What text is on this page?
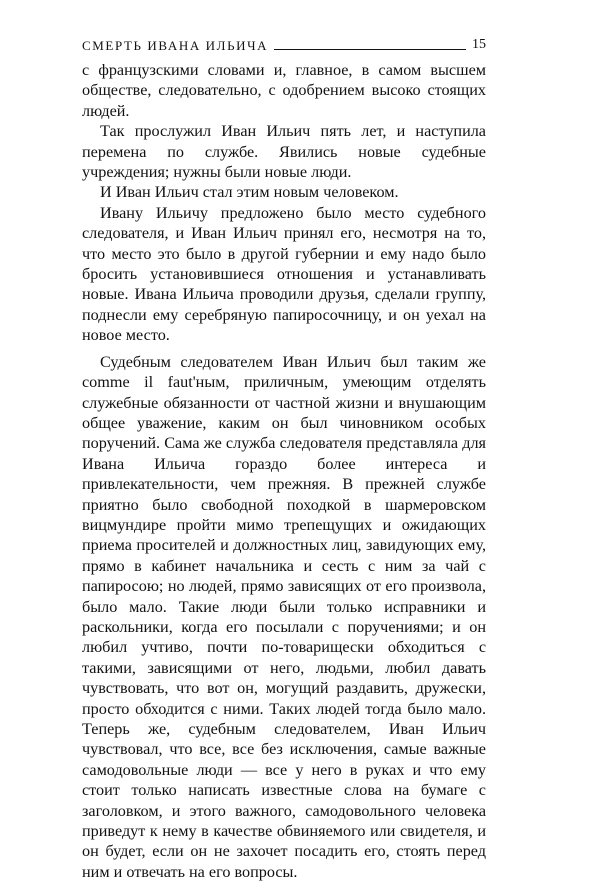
СМЕРТЬ ИВАНА ИЛЬИЧА	15

с французскими словами и, главное, в самом высшем обществе, следовательно, с одобрением высоко стоящих людей.

Так прослужил Иван Ильич пять лет, и наступила перемена по службе. Явились новые судебные учреждения; нужны были новые люди.

И Иван Ильич стал этим новым человеком.

Ивану Ильичу предложено было место судебного следователя, и Иван Ильич принял его, несмотря на то, что место это было в другой губернии и ему надо было бросить установившиеся отношения и устанавливать новые. Ивана Ильича проводили друзья, сделали группу, поднесли ему серебряную папиросочницу, и он уехал на новое место.

Судебным следователем Иван Ильич был таким же comme il faut'ным, приличным, умеющим отделять служебные обязанности от частной жизни и внушающим общее уважение, каким он был чиновником особых поручений. Сама же служба следователя представляла для Ивана Ильича гораздо более интереса и привлекательности, чем прежняя. В прежней службе приятно было свободной походкой в шармеровском вицмундире пройти мимо трепещущих и ожидающих приема просителей и должностных лиц, завидующих ему, прямо в кабинет начальника и сесть с ним за чай с папиросою; но людей, прямо зависящих от его произвола, было мало. Такие люди были только исправники и раскольники, когда его посылали с поручениями; и он любил учтиво, почти по-товарищески обходиться с такими, зависящими от него, людьми, любил давать чувствовать, что вот он, могущий раздавить, дружески, просто обходится с ними. Таких людей тогда было мало. Теперь же, судебным следователем, Иван Ильич чувствовал, что все, все без исключения, самые важные самодовольные люди — все у него в руках и что ему стоит только написать известные слова на бумаге с заголовком, и этого важного, самодовольного человека приведут к нему в качестве обвиняемого или свидетеля, и он будет, если он не захочет посадить его, стоять перед ним и отвечать на его вопросы.
